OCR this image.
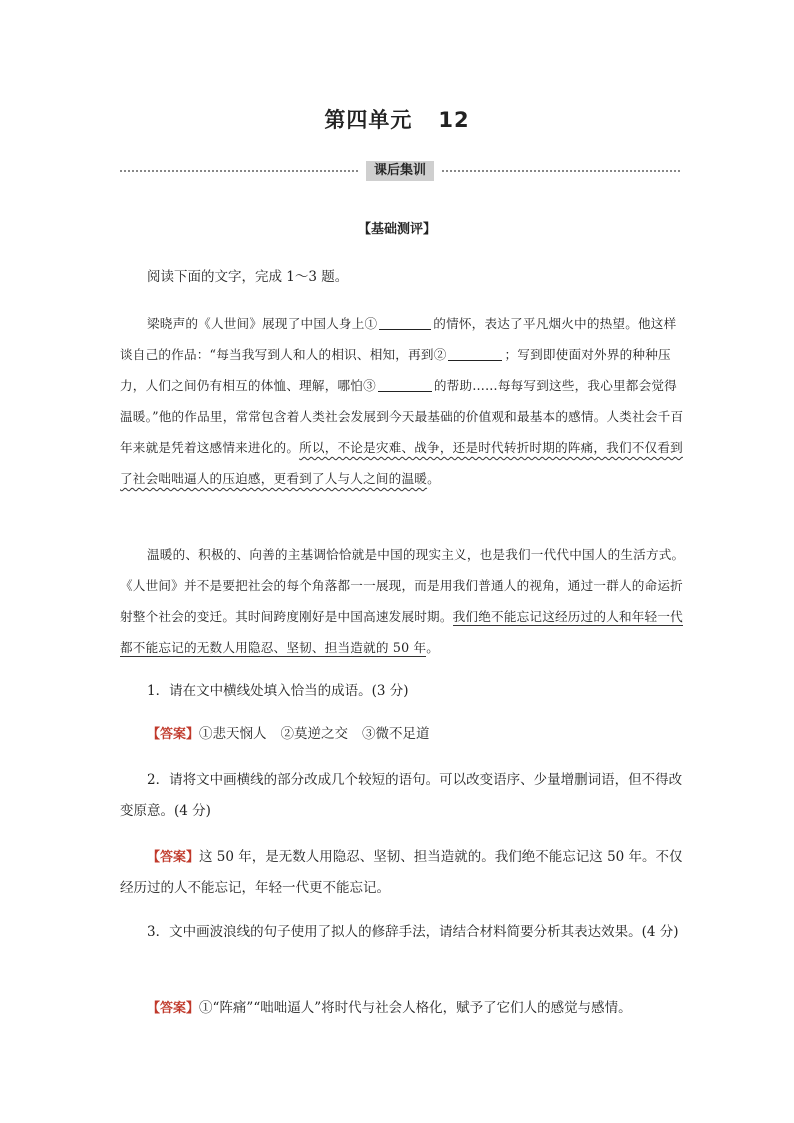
第四单元 12
课后集训
【基础测评】

阅读下面的文字，完成 1～3 题。

梁晓声的《人世间》展现了中国人身上①	的情怀，表达了平凡烟火中的热望。他这样谈自己的作品：“每当我写到人和人的相识、相知，再到②	；写到即使面对外界的种种压力，人们之间仍有相互的体恤、理解，哪怕③	的帮助……每每写到这些，我心里都会觉得温暖。”他的作品里，常常包含着人类社会发展到今天最基础的价值观和最基本的感情。人类社会千百年来就是凭着这感情来进化的。所以，不论是灾难、战争，还是时代转折时期的阵痛，我们不仅看到了社会咄咄逼人的压迫感，更看到了人与人之间的温暖。

温暖的、积极的、向善的主基调恰恰就是中国的现实主义，也是我们一代代中国人的生活方式。《人世间》并不是要把社会的每个角落都一一展现，而是用我们普通人的视角，通过一群人的命运折射整个社会的变迁。其时间跨度刚好是中国高速发展时期。我们绝不能忘记这经历过的人和年轻一代都不能忘记的无数人用隐忍、坚韧、担当造就的 50 年。

1．请在文中横线处填入恰当的成语。(3 分)

【答案】①悲天悯人 ②莫逆之交 ③微不足道

2．请将文中画横线的部分改成几个较短的语句。可以改变语序、少量增删词语，但不得改变原意。(4 分)

【答案】这 50 年，是无数人用隐忍、坚韧、担当造就的。我们绝不能忘记这 50 年。不仅经历过的人不能忘记，年轻一代更不能忘记。

3．文中画波浪线的句子使用了拟人的修辞手法，请结合材料简要分析其表达效果。(4 分)

【答案】①“阵痛”“咄咄逼人”将时代与社会人格化，赋予了它们人的感觉与感情。
